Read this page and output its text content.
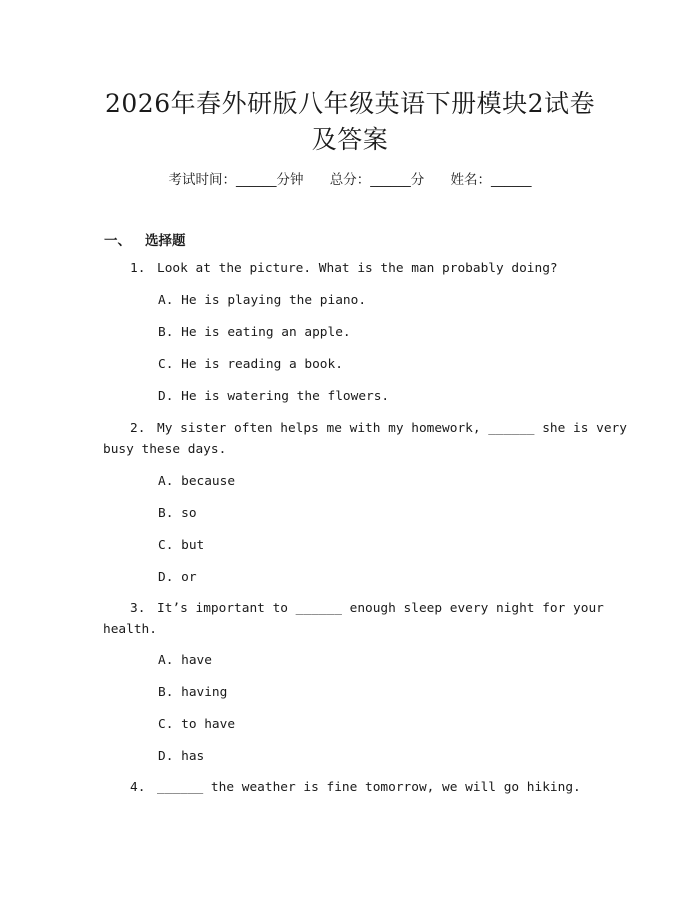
2026年春外研版八年级英语下册模块2试卷
及答案
考试时间：______分钟 总分：______分 姓名：______
一、 选择题
1. Look at the picture. What is the man probably doing?
A. He is playing the piano.
B. He is eating an apple.
C. He is reading a book.
D. He is watering the flowers.
2. My sister often helps me with my homework, ______ she is very
busy these days.
A. because
B. so
C. but
D. or
3. It’s important to ______ enough sleep every night for your
health.
A. have
B. having
C. to have
D. has
4. ______ the weather is fine tomorrow, we will go hiking.
